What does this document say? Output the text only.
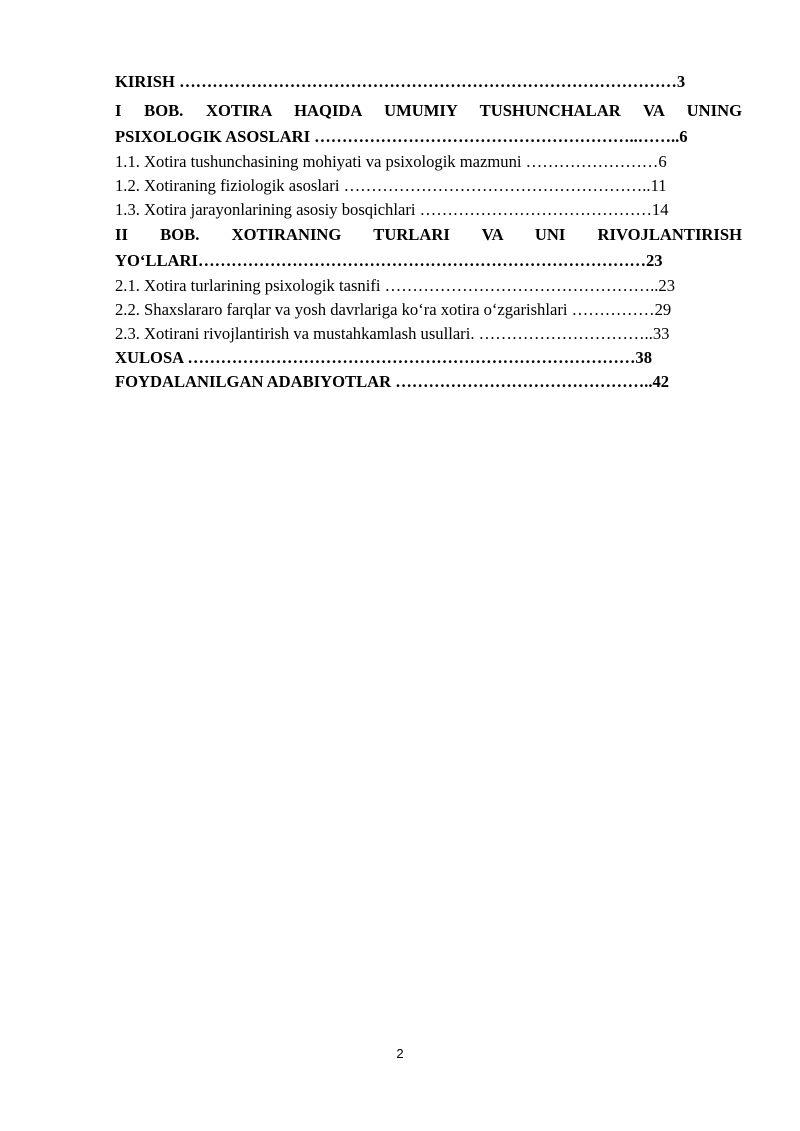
KIRISH ………………………………………………………………………………3
I BOB. XOTIRA HAQIDA UMUMIY TUSHUNCHALAR VA UNING
PSIXOLOGIK ASOSLARI …………………………………………………..……..6
1.1. Xotira tushunchasining mohiyati va psixologik mazmuni ……………………6
1.2. Xotiraning fiziologik asoslari ………………………………………………..11
1.3. Xotira jarayonlarining asosiy bosqichlari ……………………………………14
II BOB. XOTIRANING TURLARI VA UNI RIVOJLANTIRISH
YO‘LLARI………………………………………………………………………23
2.1. Xotira turlarining psixologik tasnifi …………………………………………..23
2.2. Shaxslararo farqlar va yosh davrlariga ko‘ra xotira o‘zgarishlari ……………29
2.3. Xotirani rivojlantirish va mustahkamlash usullari. …………………………..33
XULOSA ………………………………………………………………………38
FOYDALANILGAN ADABIYOTLAR ………………………………………..42
2
